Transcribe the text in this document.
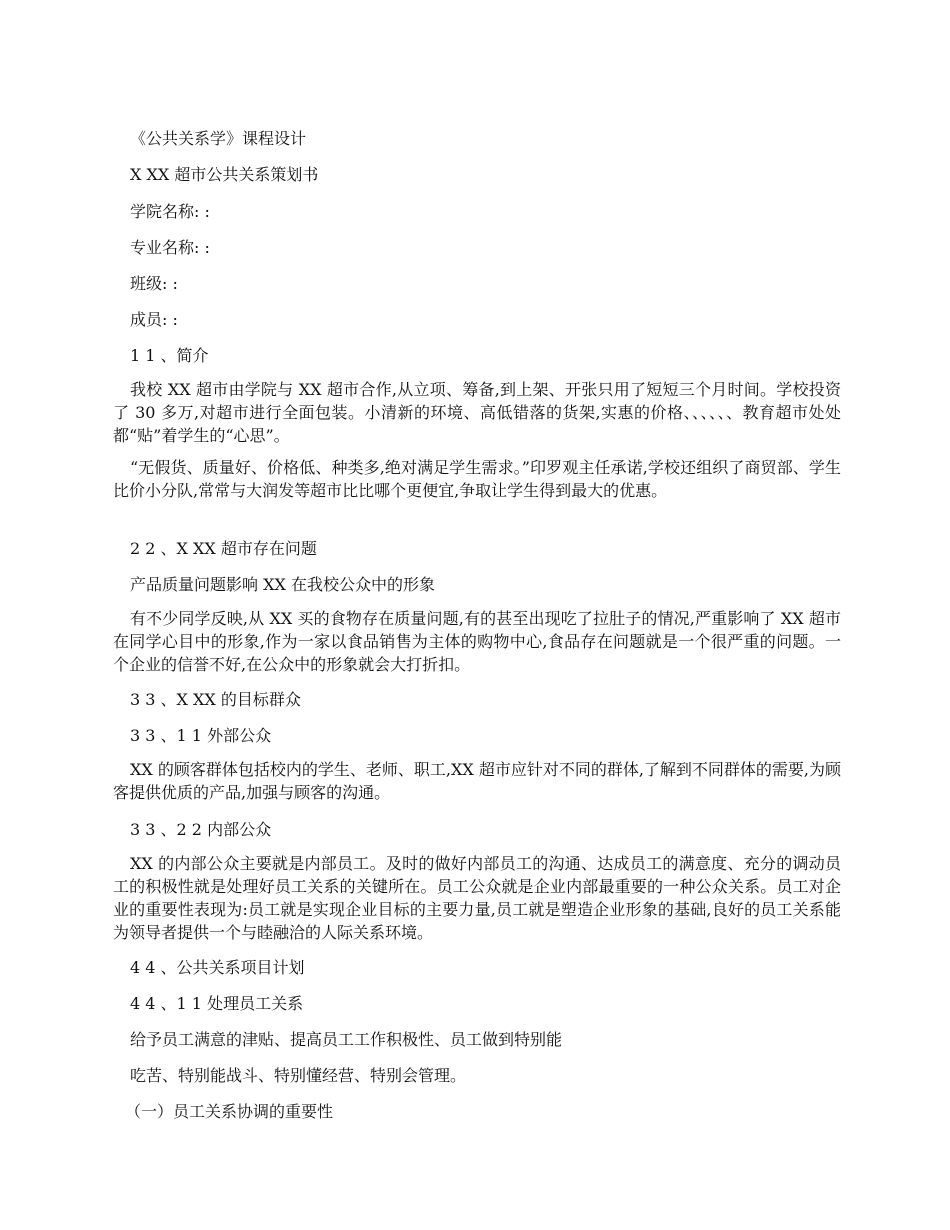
《公共关系学》课程设计

X XX 超市公共关系策划书

学院名称: :

专业名称: :

班级: :

成员: :

1 1 、简介

我校 XX 超市由学院与 XX 超市合作,从立项、筹备,到上架、开张只用了短短三个月时间。学校投资了 30 多万,对超市进行全面包装。小清新的环境、高低错落的货架,实惠的价格、、、、、、教育超市处处都“贴”着学生的“心思”。

“无假货、质量好、价格低、种类多,绝对满足学生需求。”印罗观主任承诺,学校还组织了商贸部、学生比价小分队,常常与大润发等超市比比哪个更便宜,争取让学生得到最大的优惠。

2 2 、X XX 超市存在问题

产品质量问题影响 XX 在我校公众中的形象

有不少同学反映,从 XX 买的食物存在质量问题,有的甚至出现吃了拉肚子的情况,严重影响了 XX 超市在同学心目中的形象,作为一家以食品销售为主体的购物中心,食品存在问题就是一个很严重的问题。一个企业的信誉不好,在公众中的形象就会大打折扣。

3 3 、X XX 的目标群众

3 3 、1 1 外部公众

XX 的顾客群体包括校内的学生、老师、职工,XX 超市应针对不同的群体,了解到不同群体的需要,为顾客提供优质的产品,加强与顾客的沟通。

3 3 、2 2 内部公众

XX 的内部公众主要就是内部员工。及时的做好内部员工的沟通、达成员工的满意度、充分的调动员工的积极性就是处理好员工关系的关键所在。员工公众就是企业内部最重要的一种公众关系。员工对企业的重要性表现为:员工就是实现企业目标的主要力量,员工就是塑造企业形象的基础,良好的员工关系能为领导者提供一个与睦融洽的人际关系环境。

4 4 、公共关系项目计划

4 4 、1 1 处理员工关系

给予员工满意的津贴、提高员工工作积极性、员工做到特别能

吃苦、特别能战斗、特别懂经营、特别会管理。

（一）员工关系协调的重要性
